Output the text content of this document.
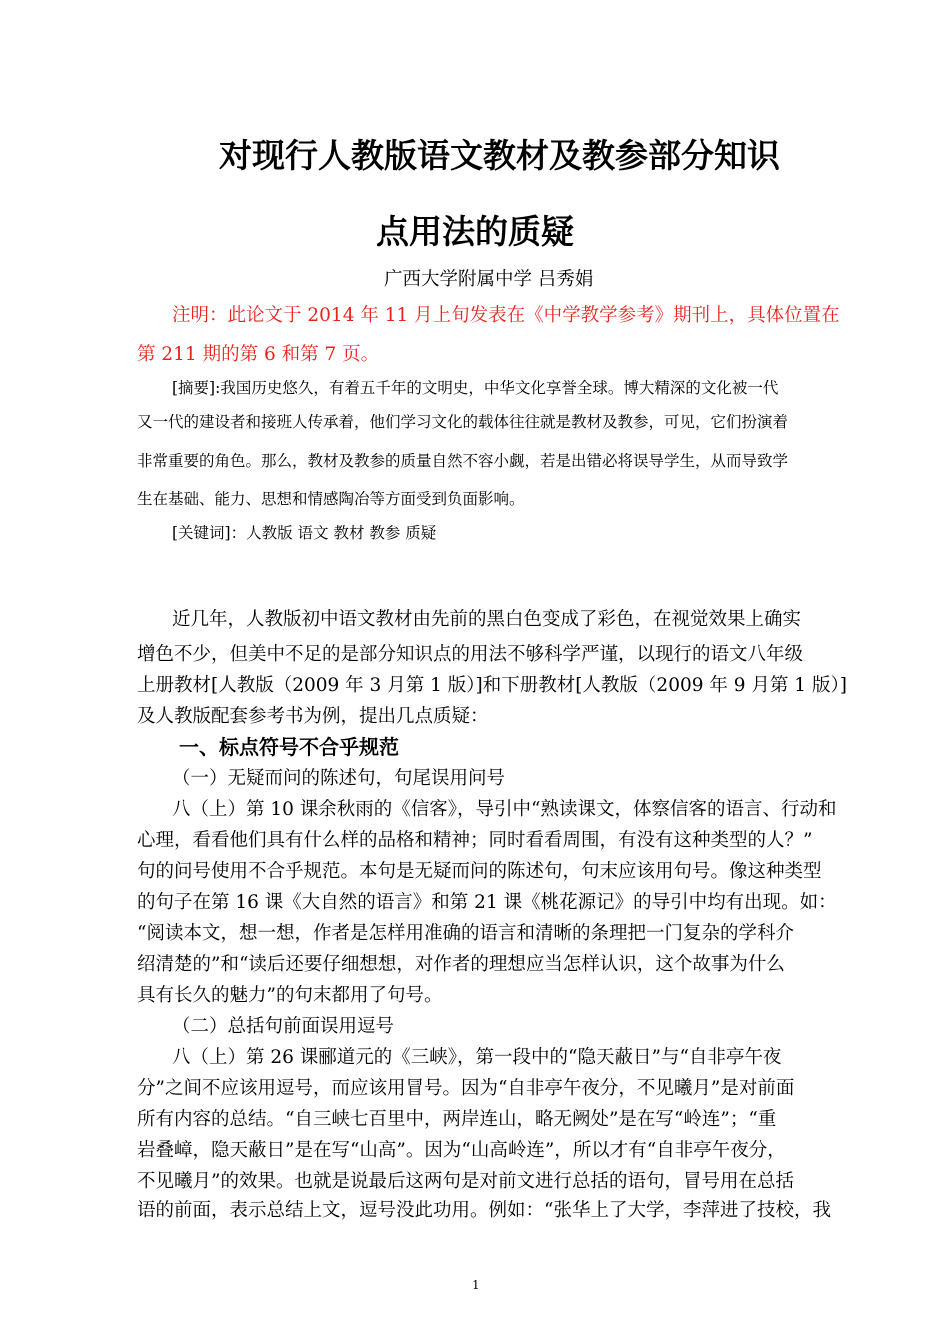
对现行人教版语文教材及教参部分知识
点用法的质疑
广西大学附属中学 吕秀娟
注明：此论文于 2014 年 11 月上旬发表在《中学教学参考》期刊上，具体位置在
第 211 期的第 6 和第 7 页。
[摘要]:我国历史悠久，有着五千年的文明史，中华文化享誉全球。博大精深的文化被一代
又一代的建设者和接班人传承着，他们学习文化的载体往往就是教材及教参，可见，它们扮演着
非常重要的角色。那么，教材及教参的质量自然不容小觑，若是出错必将误导学生，从而导致学
生在基础、能力、思想和情感陶冶等方面受到负面影响。
[关键词]：人教版 语文 教材 教参 质疑
近几年，人教版初中语文教材由先前的黑白色变成了彩色，在视觉效果上确实
增色不少，但美中不足的是部分知识点的用法不够科学严谨，以现行的语文八年级
上册教材[人教版（2009 年 3 月第 1 版）]和下册教材[人教版（2009 年 9 月第 1 版）]
及人教版配套参考书为例，提出几点质疑：
一、标点符号不合乎规范
（一）无疑而问的陈述句，句尾误用问号
八（上）第 10 课余秋雨的《信客》，导引中“熟读课文，体察信客的语言、行动和
心理，看看他们具有什么样的品格和精神；同时看看周围，有没有这种类型的人？”
句的问号使用不合乎规范。本句是无疑而问的陈述句，句末应该用句号。像这种类型
的句子在第 16 课《大自然的语言》和第 21 课《桃花源记》的导引中均有出现。如：
“阅读本文，想一想，作者是怎样用准确的语言和清晰的条理把一门复杂的学科介
绍清楚的”和“读后还要仔细想想，对作者的理想应当怎样认识，这个故事为什么
具有长久的魅力”的句末都用了句号。
（二）总括句前面误用逗号
八（上）第 26 课郦道元的《三峡》，第一段中的“隐天蔽日”与“自非亭午夜
分”之间不应该用逗号，而应该用冒号。因为“自非亭午夜分，不见曦月”是对前面
所有内容的总结。“自三峡七百里中，两岸连山，略无阙处”是在写“岭连”；“重
岩叠嶂，隐天蔽日”是在写“山高”。因为“山高岭连”，所以才有“自非亭午夜分，
不见曦月”的效果。也就是说最后这两句是对前文进行总括的语句，冒号用在总括
语的前面，表示总结上文，逗号没此功用。例如：“张华上了大学，李萍进了技校，我
1
